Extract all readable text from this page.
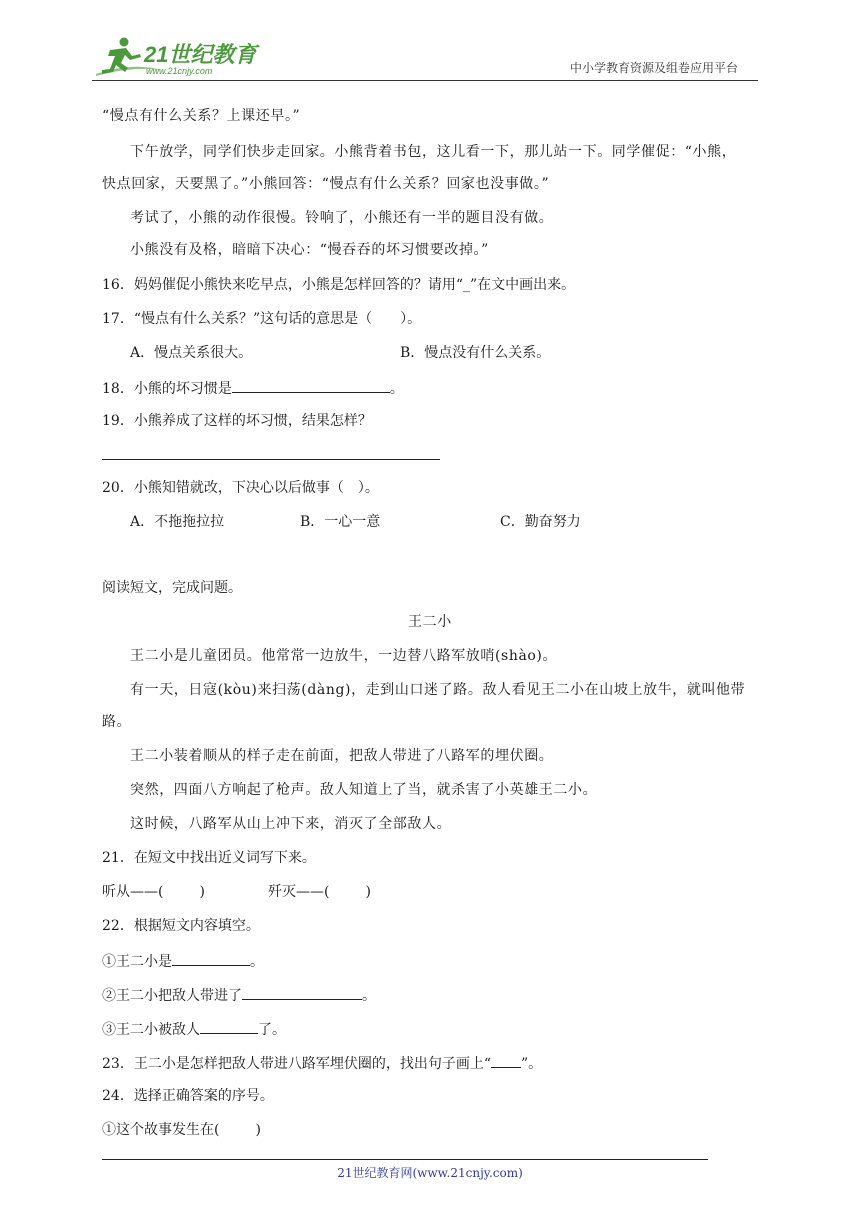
21世纪教育
www.21cnjy.com	中小学教育资源及组卷应用平台
“慢点有什么关系？上课还早。”
下午放学，同学们快步走回家。小熊背着书包，这儿看一下，那儿站一下。同学催促：“小熊，
快点回家，天要黑了。”小熊回答：“慢点有什么关系？回家也没事做。”
考试了，小熊的动作很慢。铃响了，小熊还有一半的题目没有做。
小熊没有及格，暗暗下决心：“慢吞吞的坏习惯要改掉。”
16．妈妈催促小熊快来吃早点，小熊是怎样回答的？请用“_”在文中画出来。
17．“慢点有什么关系？”这句话的意思是（　　）。
A．慢点关系很大。	B．慢点没有什么关系。
18．小熊的坏习惯是	。
19．小熊养成了这样的坏习惯，结果怎样？
20．小熊知错就改，下决心以后做事（　）。
A．不拖拖拉拉	B．一心一意	C．勤奋努力
阅读短文，完成问题。
王二小
王二小是儿童团员。他常常一边放牛，一边替八路军放哨(shào)。
有一天，日寇(kòu)来扫荡(dàng)，走到山口迷了路。敌人看见王二小在山坡上放牛，就叫他带
路。
王二小装着顺从的样子走在前面，把敌人带进了八路军的埋伏圈。
突然，四面八方响起了枪声。敌人知道上了当，就杀害了小英雄王二小。
这时候，八路军从山上冲下来，消灭了全部敌人。
21．在短文中找出近义词写下来。
听从——(	)	歼灭——(	)
22．根据短文内容填空。
①王二小是	。
②王二小把敌人带进了	。
③王二小被敌人	了。
23．王二小是怎样把敌人带进八路军埋伏圈的，找出句子画上“ ”。
24．选择正确答案的序号。
①这个故事发生在(	)
21世纪教育网(www.21cnjy.com)
